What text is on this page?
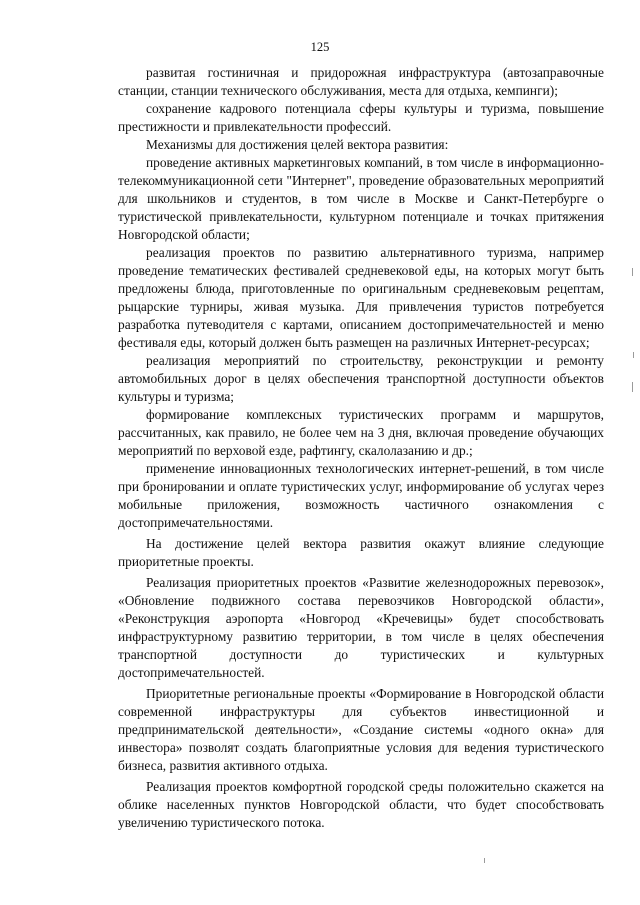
125

развитая гостиничная и придорожная инфраструктура (автозаправочные станции, станции технического обслуживания, места для отдыха, кемпинги);

сохранение кадрового потенциала сферы культуры и туризма, повышение престижности и привлекательности профессий.

Механизмы для достижения целей вектора развития:

проведение активных маркетинговых компаний, в том числе в информационно-телекоммуникационной сети "Интернет", проведение образовательных мероприятий для школьников и студентов, в том числе в Москве и Санкт-Петербурге о туристической привлекательности, культурном потенциале и точках притяжения Новгородской области;

реализация проектов по развитию альтернативного туризма, например проведение тематических фестивалей средневековой еды, на которых могут быть предложены блюда, приготовленные по оригинальным средневековым рецептам, рыцарские турниры, живая музыка. Для привлечения туристов потребуется разработка путеводителя с картами, описанием достопримечательностей и меню фестиваля еды, который должен быть размещен на различных Интернет-ресурсах;

реализация мероприятий по строительству, реконструкции и ремонту автомобильных дорог в целях обеспечения транспортной доступности объектов культуры и туризма;

формирование комплексных туристических программ и маршрутов, рассчитанных, как правило, не более чем на 3 дня, включая проведение обучающих мероприятий по верховой езде, рафтингу, скалолазанию и др.;

применение инновационных технологических интернет-решений, в том числе при бронировании и оплате туристических услуг, информирование об услугах через мобильные приложения, возможность частичного ознакомления с достопримечательностями.

На достижение целей вектора развития окажут влияние следующие приоритетные проекты.

Реализация приоритетных проектов «Развитие железнодорожных перевозок», «Обновление подвижного состава перевозчиков Новгородской области», «Реконструкция аэропорта «Новгород «Кречевицы» будет способствовать инфраструктурному развитию территории, в том числе в целях обеспечения транспортной доступности до туристических и культурных достопримечательностей.

Приоритетные региональные проекты «Формирование в Новгородской области современной инфраструктуры для субъектов инвестиционной и предпринимательской деятельности», «Создание системы «одного окна» для инвестора» позволят создать благоприятные условия для ведения туристического бизнеса, развития активного отдыха.

Реализация проектов комфортной городской среды положительно скажется на облике населенных пунктов Новгородской области, что будет способствовать увеличению туристического потока.
